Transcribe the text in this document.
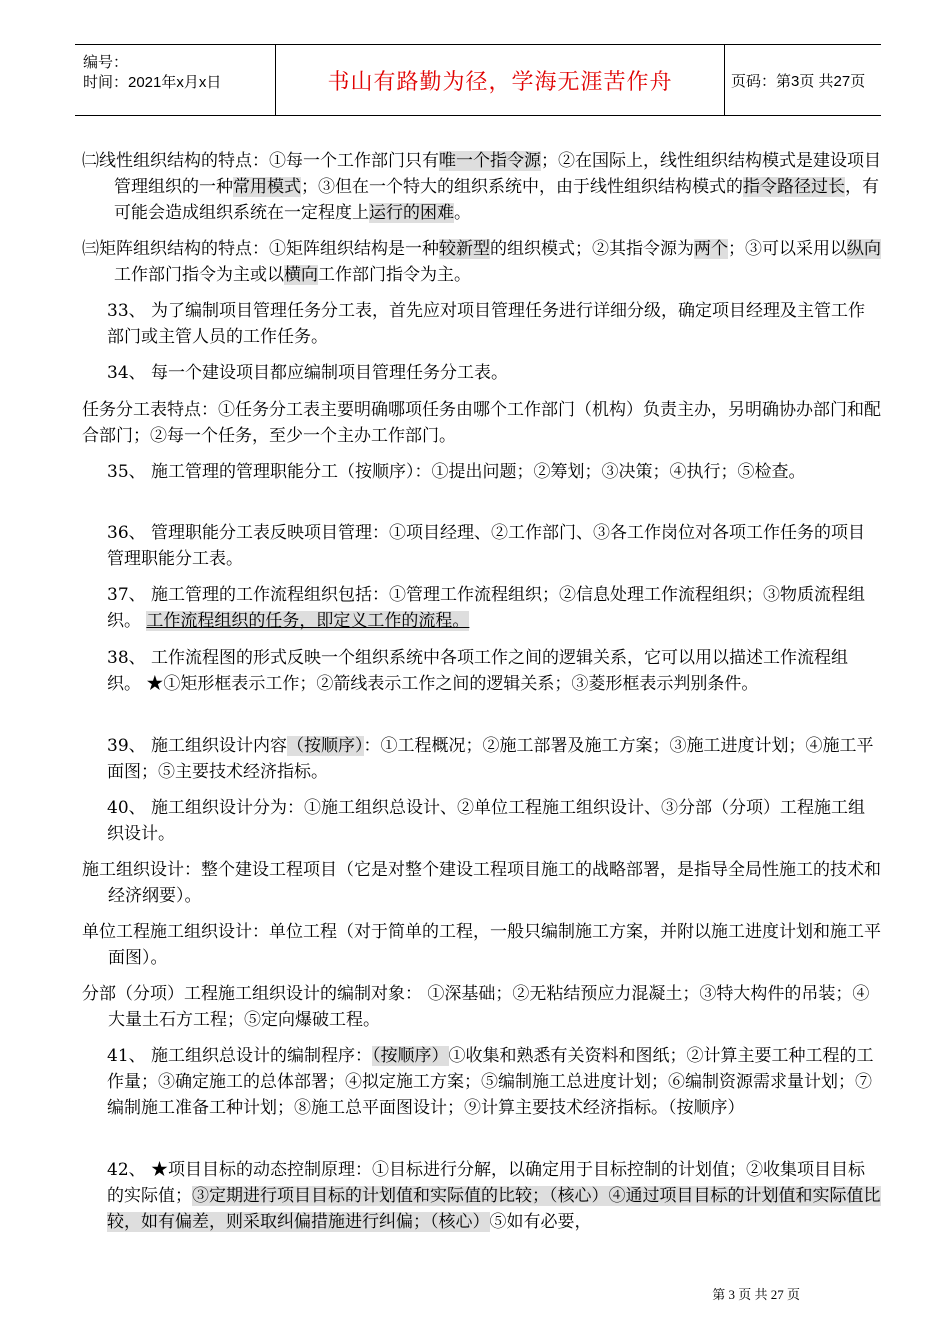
编号：
时间：2021年x月x日	书山有路勤为径，学海无涯苦作舟	页码：第3页 共27页

㈡线性组织结构的特点：①每一个工作部门只有唯一个指令源；②在国际上，线性组织结构模式是建设项目管理组织的一种常用模式；③但在一个特大的组织系统中，由于线性组织结构模式的指令路径过长，有可能会造成组织系统在一定程度上运行的困难。

㈢矩阵组织结构的特点：①矩阵组织结构是一种较新型的组织模式；②其指令源为两个；③可以采用以纵向工作部门指令为主或以横向工作部门指令为主。

33、 为了编制项目管理任务分工表，首先应对项目管理任务进行详细分级，确定项目经理及主管工作部门或主管人员的工作任务。

34、 每一个建设项目都应编制项目管理任务分工表。

任务分工表特点：①任务分工表主要明确哪项任务由哪个工作部门（机构）负责主办，另明确协办部门和配合部门；②每一个任务，至少一个主办工作部门。

35、 施工管理的管理职能分工（按顺序）：①提出问题；②筹划；③决策；④执行；⑤检查。

36、 管理职能分工表反映项目管理：①项目经理、②工作部门、③各工作岗位对各项工作任务的项目管理职能分工表。

37、 施工管理的工作流程组织包括：①管理工作流程组织；②信息处理工作流程组织；③物质流程组织。 工作流程组织的任务，即定义工作的流程。

38、 工作流程图的形式反映一个组织系统中各项工作之间的逻辑关系，它可以用以描述工作流程组织。 ★①矩形框表示工作；②箭线表示工作之间的逻辑关系；③菱形框表示判别条件。

39、 施工组织设计内容（按顺序）：①工程概况；②施工部署及施工方案；③施工进度计划；④施工平面图；⑤主要技术经济指标。

40、 施工组织设计分为：①施工组织总设计、②单位工程施工组织设计、③分部（分项）工程施工组织设计。

施工组织设计：整个建设工程项目（它是对整个建设工程项目施工的战略部署，是指导全局性施工的技术和经济纲要）。

单位工程施工组织设计：单位工程（对于简单的工程，一般只编制施工方案，并附以施工进度计划和施工平面图）。

分部（分项）工程施工组织设计的编制对象： ①深基础；②无粘结预应力混凝土；③特大构件的吊装；④大量土石方工程；⑤定向爆破工程。

41、 施工组织总设计的编制程序：（按顺序）①收集和熟悉有关资料和图纸；②计算主要工种工程的工作量；③确定施工的总体部署；④拟定施工方案；⑤编制施工总进度计划；⑥编制资源需求量计划；⑦编制施工准备工种计划；⑧施工总平面图设计；⑨计算主要技术经济指标。（按顺序）

42、 ★项目目标的动态控制原理：①目标进行分解，以确定用于目标控制的计划值；②收集项目目标的实际值；③定期进行项目目标的计划值和实际值的比较；（核心）④通过项目目标的计划值和实际值比较，如有偏差，则采取纠偏措施进行纠偏；（核心）⑤如有必要，

第 3 页 共 27 页
